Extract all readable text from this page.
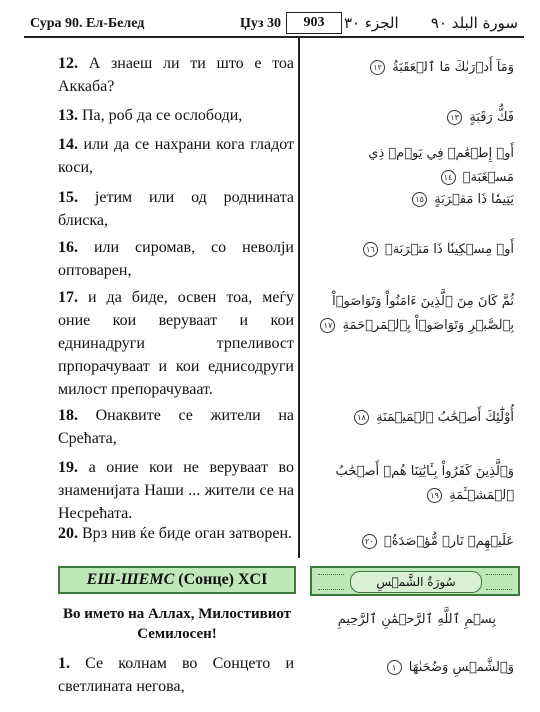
Сура 90. Ел-Белед	Џуз 30	903	الجزء ٣٠ سورة البلد ٩٠
12. А знаеш ли ти што е тоа Аккаба?
وَمَآ أَدۡرَىٰكَ مَا ٱلۡعَقَبَةُ ١٢
13. Па, роб да се ослободи,	فَكُّ رَقَبَةٍ ١٣
14. или да се нахрани кога гладот коси,
أَوۡ إِطۡعَٰمٞ فِي يَوۡمٖ ذِي مَسۡغَبَةٖ ١٤
15. јетим или од роднината блиска,
يَتِيمٗا ذَا مَقۡرَبَةٍ ١٥
16. или сиромав, со неволји оптоварен,
أَوۡ مِسۡكِينٗا ذَا مَتۡرَبَةٖ ١٦
17. и да биде, освен тоа, меѓу оние кои веруваат и кои еднинадруги трпеливост прпорачуваат и кои еднисодруги милост препорачуваат.
ثُمَّ كَانَ مِنَ ٱلَّذِينَ ءَامَنُواْ وَتَوَاصَوۡاْ بِٱلصَّبۡرِ وَتَوَاصَوۡاْ بِٱلۡمَرۡحَمَةِ ١٧
18. Онаквите се жители на Срећата,
أُوْلَٰٓئِكَ أَصۡحَٰبُ ٱلۡمَيۡمَنَةِ ١٨
19. а оние кои не веруваат во знаменијата Наши ... жители се на Несрећата.
وَٱلَّذِينَ كَفَرُواْ بِـَٔايَٰتِنَا هُمۡ أَصۡحَٰبُ ٱلۡمَشۡـَٔمَةِ ١٩
20. Врз нив ќе биде оган затворен.	عَلَيۡهِمۡ نَارٞ مُّؤۡصَدَةُۢ ٢٠
ЕШ-ШЕМС (Сонце) XCI	سُورَةُ الشَّمۡسِ
Во името на Аллах, Милостивиот Семилосен!
بِسۡمِ ٱللَّهِ ٱلرَّحۡمَٰنِ ٱلرَّحِيمِ
1. Се колнам во Сонцето и светлината негова,
وَٱلشَّمۡسِ وَضُحَىٰهَا ١
